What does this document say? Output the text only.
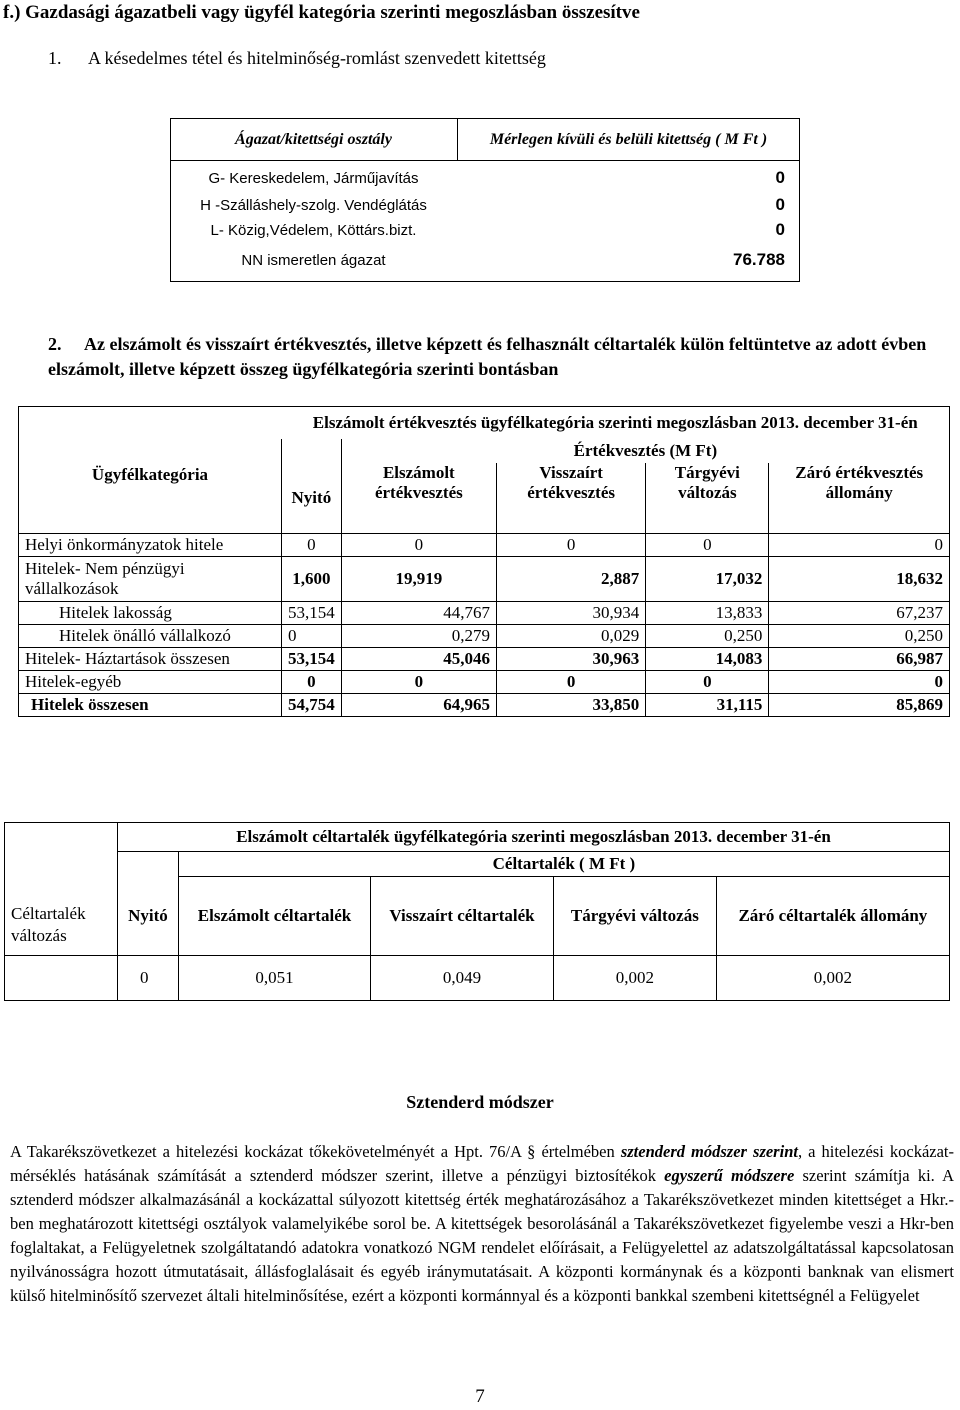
f.) Gazdasági ágazatbeli vagy ügyfél kategória szerinti megoszlásban összesítve
1. A késedelmes tétel és hitelminőség-romlást szenvedett kitettség
Ágazat/kitettségi osztály	Mérlegen kívüli és belüli kitettség ( M Ft )
G- Kereskedelem, Járműjavítás	0
H -Szálláshely-szolg. Vendéglátás	0
L- Közig,Védelem, Köttárs.bizt.	0
NN ismeretlen ágazat	76.788
2. Az elszámolt és visszaírt értékvesztés, illetve képzett és felhasznált céltartalék külön feltüntetve az adott évben elszámolt, illetve képzett összeg ügyfélkategória szerinti bontásban
	Elszámolt értékvesztés ügyfélkategória szerinti megoszlásban 2013. december 31-én				
Ügyfélkategória		Értékvesztés (M Ft)			
	Nyitó	Elszámolt értékvesztés	Visszaírt értékvesztés	Tárgyévi változás	Záró értékvesztés állomány
Helyi önkormányzatok hitele	0	0	0	0	0
Hitelek- Nem pénzügyi vállalkozások	1,600	19,919	2,887	17,032	18,632
Hitelek lakosság	53,154	44,767	30,934	13,833	67,237
Hitelek önálló vállalkozó	0	0,279	0,029	0,250	0,250
Hitelek- Háztartások összesen	53,154	45,046	30,963	14,083	66,987
Hitelek-egyéb	0	0	0	0	0
Hitelek összesen	54,754	64,965	33,850	31,115	85,869
Céltartalék változás	Elszámolt céltartalék ügyfélkategória szerinti megoszlásban 2013. december 31-én				
		Céltartalék ( M Ft )			
	Nyitó	Elszámolt céltartalék	Visszaírt céltartalék	Tárgyévi változás	Záró céltartalék állomány
	0	0,051	0,049	0,002	0,002
Sztenderd módszer
A Takarékszövetkezet a hitelezési kockázat tőkekövetelményét a Hpt. 76/A § értelmében sztenderd módszer szerint, a hitelezési kockázat-mérséklés hatásának számítását a sztenderd módszer szerint, illetve a pénzügyi biztosítékok egyszerű módszere szerint számítja ki. A sztenderd módszer alkalmazásánál a kockázattal súlyozott kitettség érték meghatározásához a Takarékszövetkezet minden kitettséget a Hkr.-ben meghatározott kitettségi osztályok valamelyikébe sorol be. A kitettségek besorolásánál a Takarékszövetkezet figyelembe veszi a Hkr-ben foglaltakat, a Felügyeletnek szolgáltatandó adatokra vonatkozó NGM rendelet előírásait, a Felügyelettel az adatszolgáltatással kapcsolatosan nyilvánosságra hozott útmutatásait, állásfoglalásait és egyéb iránymutatásait. A központi kormánynak és a központi banknak van elismert külső hitelminősítő szervezet általi hitelminősítése, ezért a központi kormánnyal és a központi bankkal szembeni kitettségnél a Felügyelet
7
